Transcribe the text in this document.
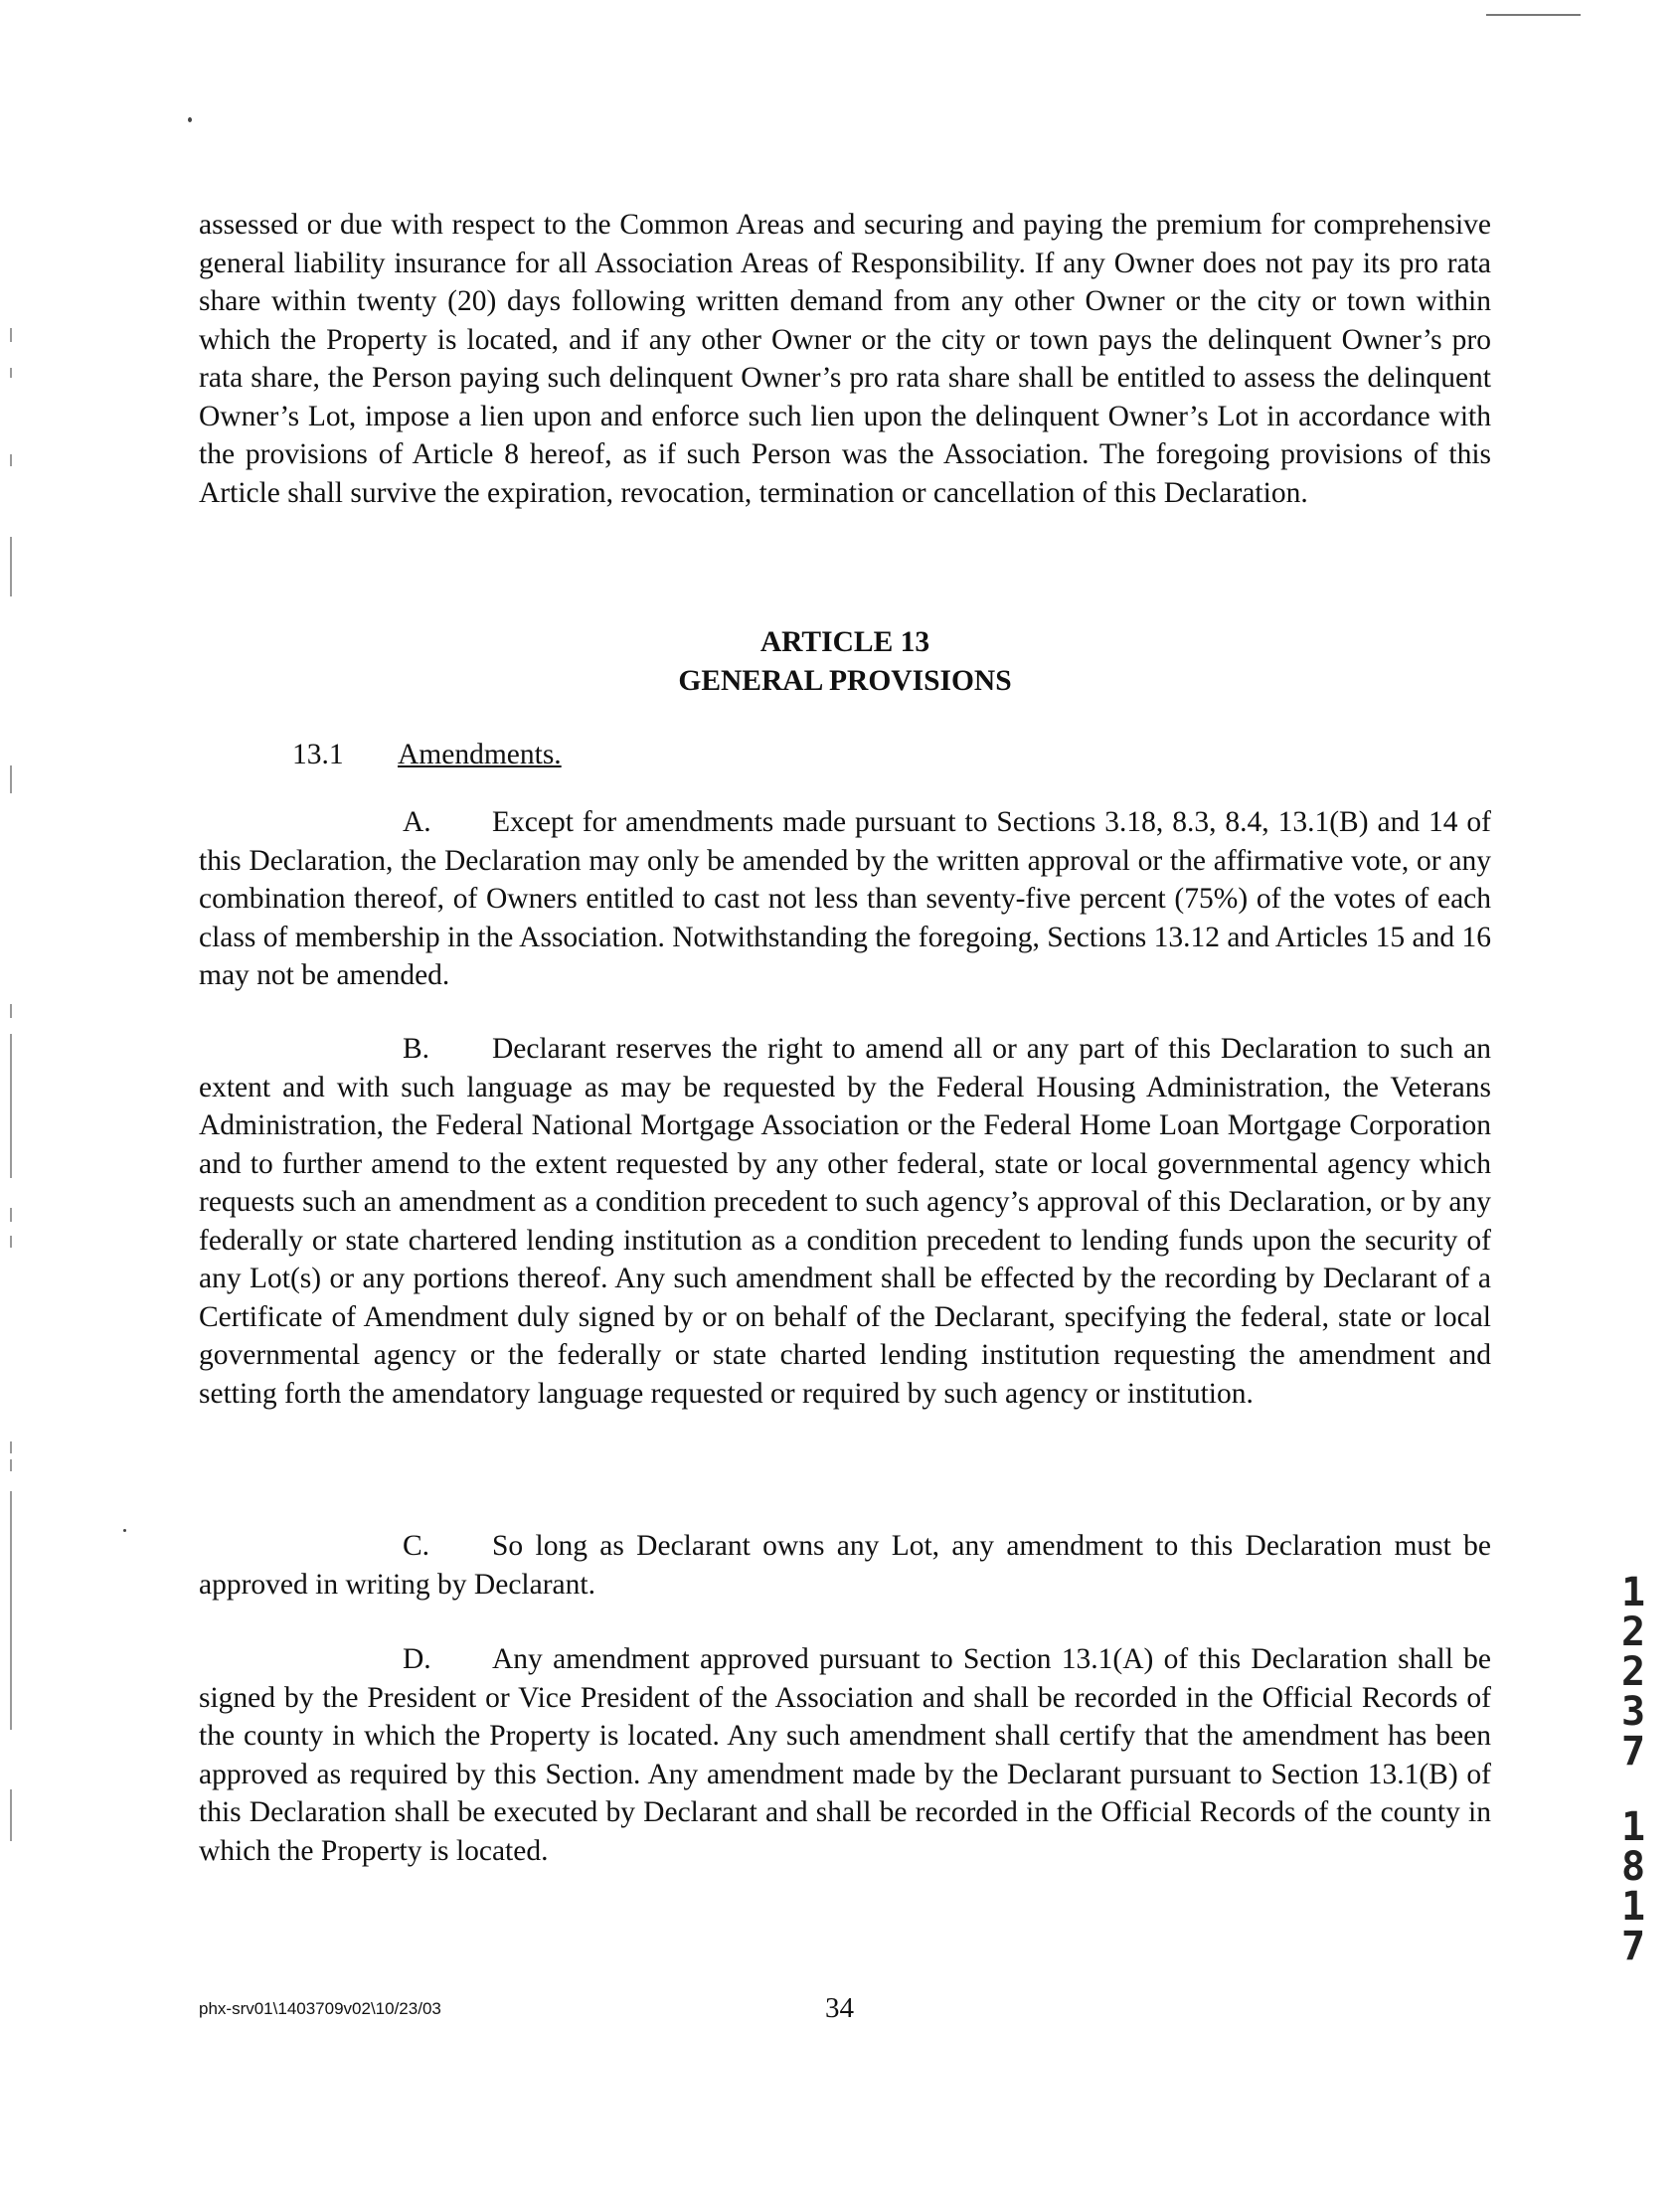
assessed or due with respect to the Common Areas and securing and paying the premium for comprehensive general liability insurance for all Association Areas of Responsibility. If any Owner does not pay its pro rata share within twenty (20) days following written demand from any other Owner or the city or town within which the Property is located, and if any other Owner or the city or town pays the delinquent Owner’s pro rata share, the Person paying such delinquent Owner’s pro rata share shall be entitled to assess the delinquent Owner’s Lot, impose a lien upon and enforce such lien upon the delinquent Owner’s Lot in accordance with the provisions of Article 8 hereof, as if such Person was the Association. The foregoing provisions of this Article shall survive the expiration, revocation, termination or cancellation of this Declaration.

ARTICLE 13
GENERAL PROVISIONS
13.1 Amendments.

A. Except for amendments made pursuant to Sections 3.18, 8.3, 8.4, 13.1(B) and 14 of this Declaration, the Declaration may only be amended by the written approval or the affirmative vote, or any combination thereof, of Owners entitled to cast not less than seventy-five percent (75%) of the votes of each class of membership in the Association. Notwithstanding the foregoing, Sections 13.12 and Articles 15 and 16 may not be amended.

B. Declarant reserves the right to amend all or any part of this Declaration to such an extent and with such language as may be requested by the Federal Housing Administration, the Veterans Administration, the Federal National Mortgage Association or the Federal Home Loan Mortgage Corporation and to further amend to the extent requested by any other federal, state or local governmental agency which requests such an amendment as a condition precedent to such agency’s approval of this Declaration, or by any federally or state chartered lending institution as a condition precedent to lending funds upon the security of any Lot(s) or any portions thereof. Any such amendment shall be effected by the recording by Declarant of a Certificate of Amendment duly signed by or on behalf of the Declarant, specifying the federal, state or local governmental agency or the federally or state charted lending institution requesting the amendment and setting forth the amendatory language requested or required by such agency or institution.

C. So long as Declarant owns any Lot, any amendment to this Declaration must be approved in writing by Declarant.

D. Any amendment approved pursuant to Section 13.1(A) of this Declaration shall be signed by the President or Vice President of the Association and shall be recorded in the Official Records of the county in which the Property is located. Any such amendment shall certify that the amendment has been approved as required by this Section. Any amendment made by the Declarant pursuant to Section 13.1(B) of this Declaration shall be executed by Declarant and shall be recorded in the Official Records of the county in which the Property is located.

phx-srv01\1403709v02\10/23/03	34
1
2
2
3
7
1
8
1
7
